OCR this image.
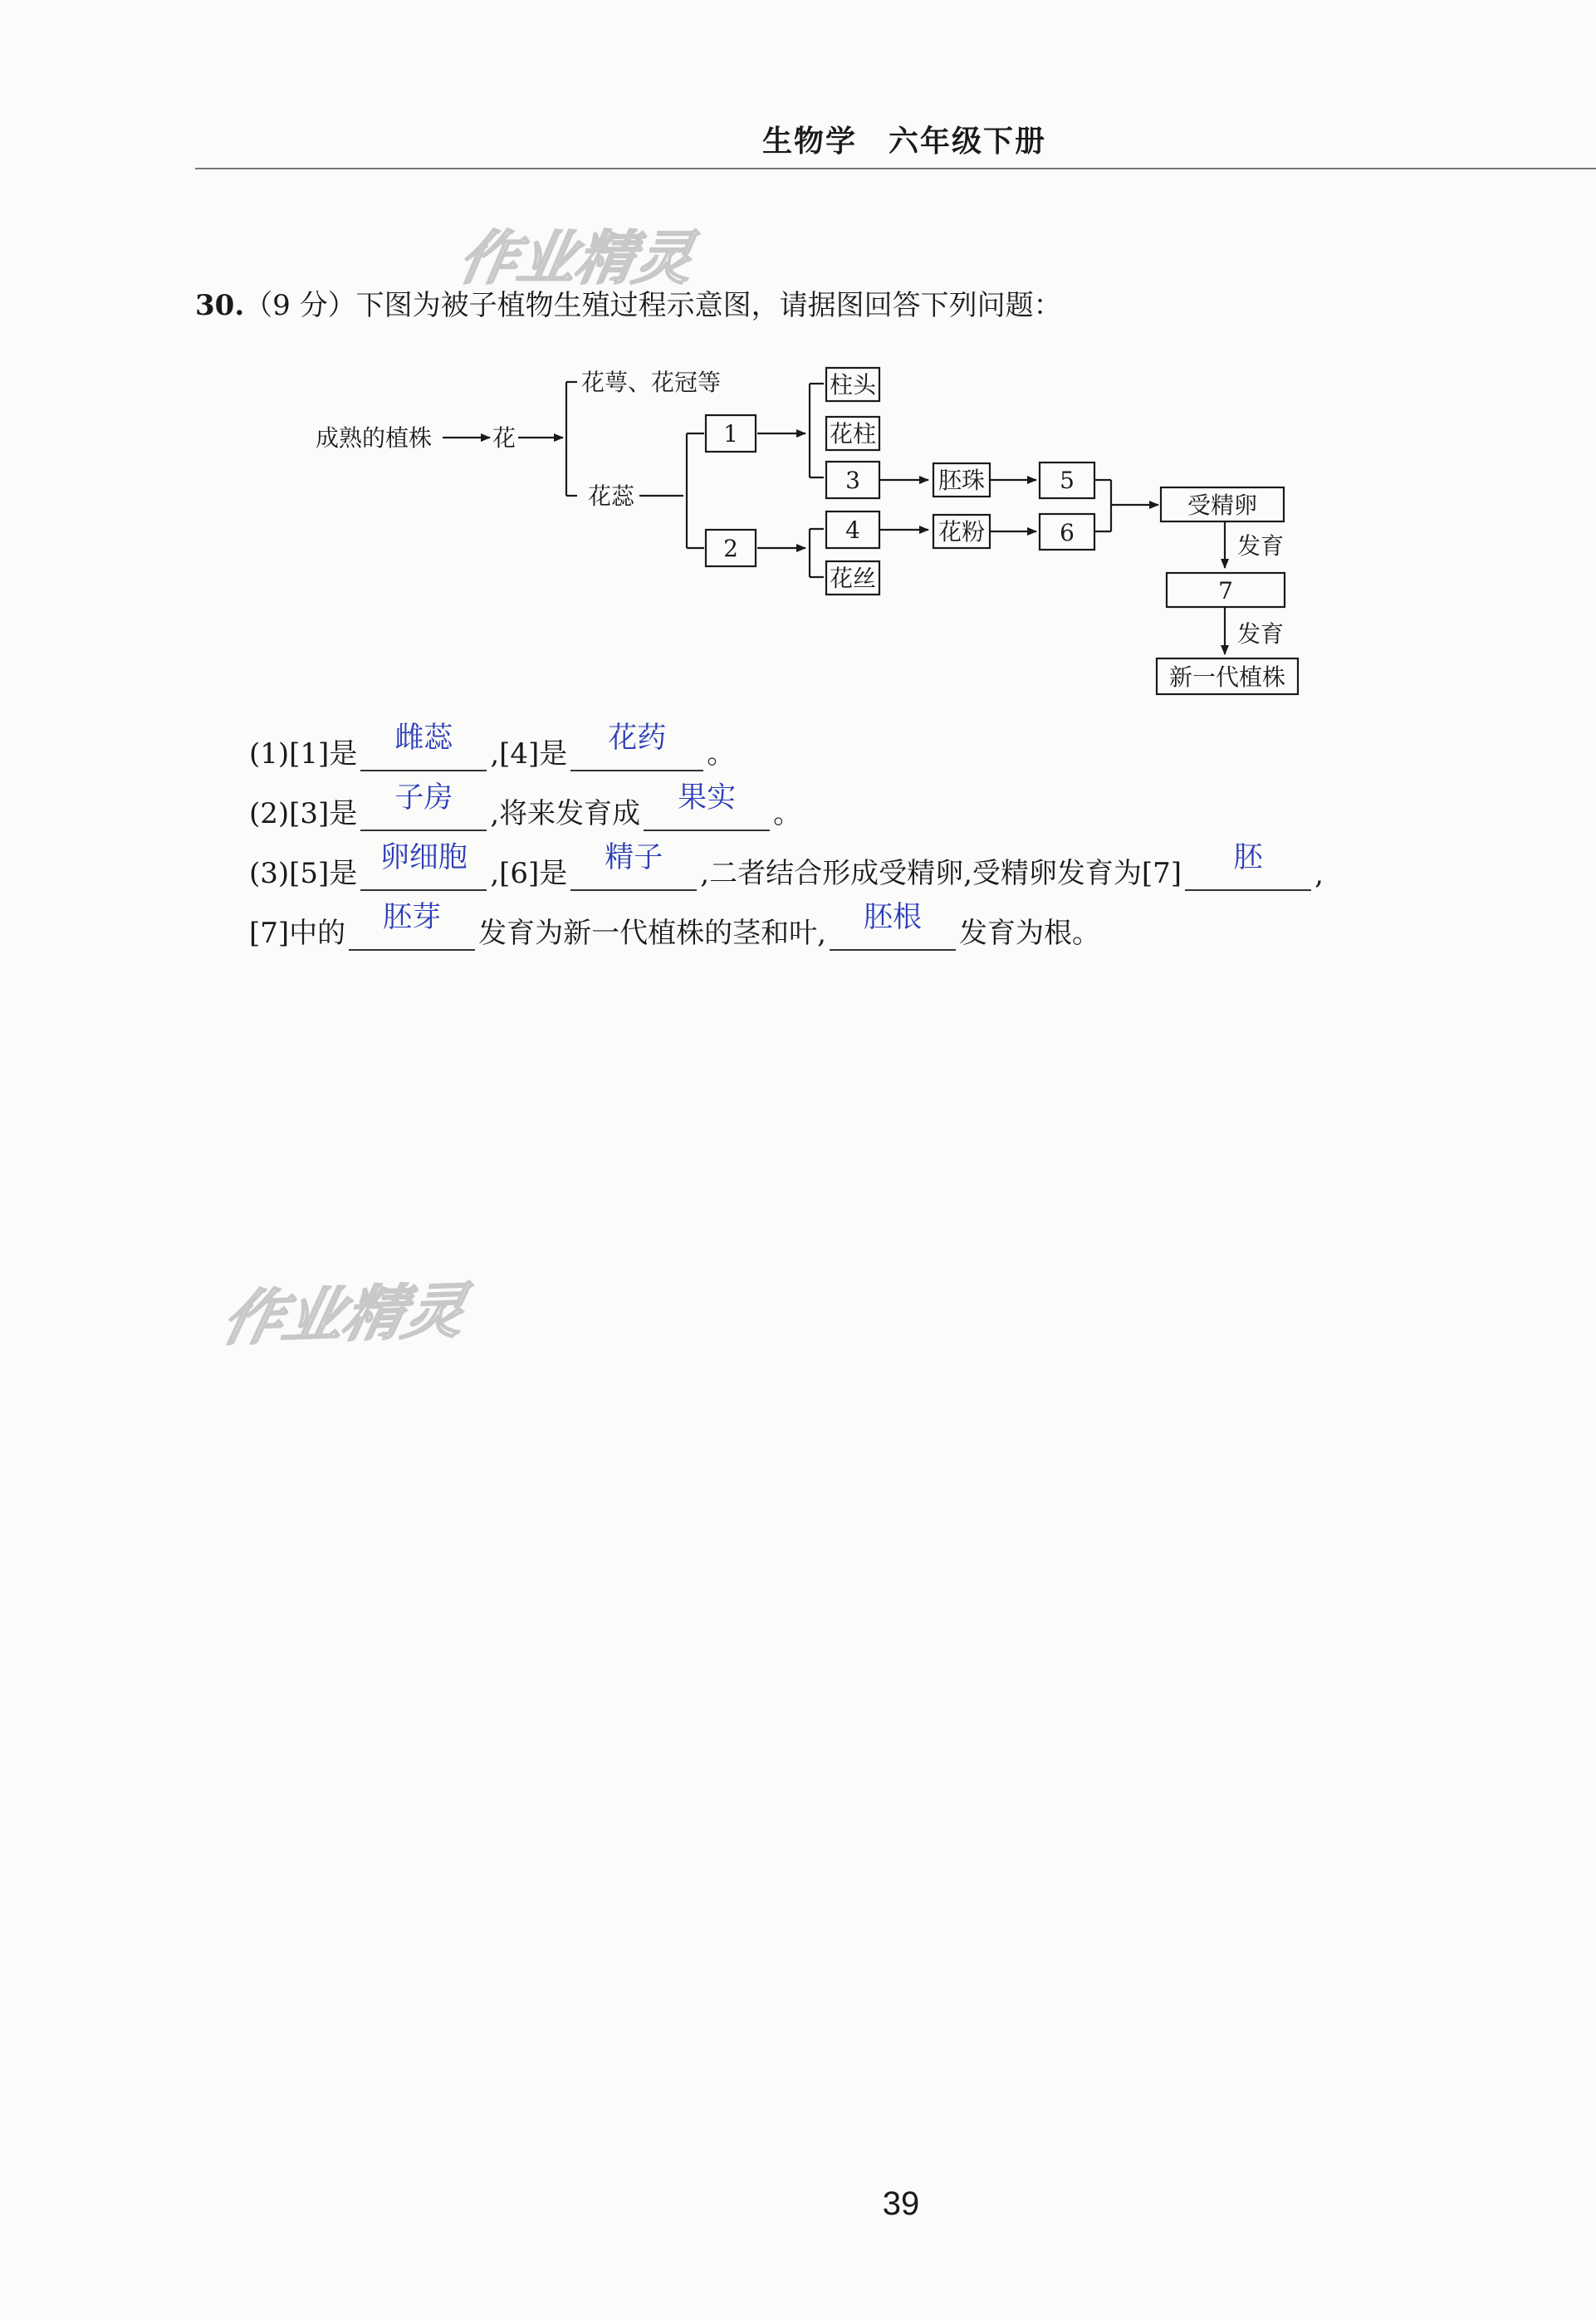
生物学　六年级下册
作业精灵
作业精灵
30.（9 分）下图为被子植物生殖过程示意图，请据图回答下列问题：
成熟的植株	花
花萼、花冠等
花蕊
1
2
柱头
花柱
3
4
花丝
胚珠
花粉
5
6
受精卵
发育
7
发育
新一代植株
(1)[1]是	雌蕊	,[4]是	花药	。
(2)[3]是	子房	,将来发育成	果实	。
(3)[5]是 卵细胞 ,[6]是	精子	,二者结合形成受精卵,受精卵发育为[7]	胚	,
[7]中的	胚芽	发育为新一代植株的茎和叶,	胚根	发育为根。
39
